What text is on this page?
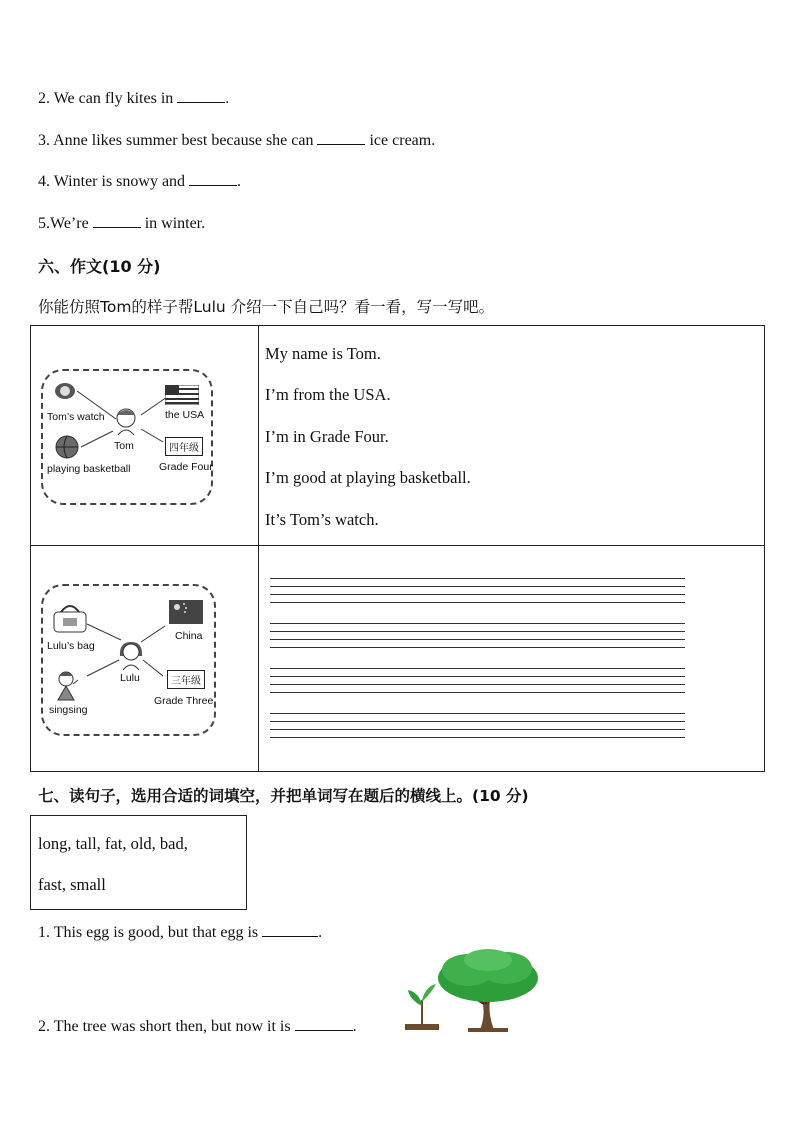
2. We can fly kites in	.
3. Anne likes summer best because she can	ice cream.
4. Winter is snowy and	.
5.We’re	in winter.
六、作文(10 分)
你能仿照Tom的样子帮Lulu 介绍一下自己吗？看一看，写一写吧。
Tom’s watch	the USA
Tom
playing basketball
四年级
Grade Four
My name is Tom.
I’m from the USA.
I’m in Grade Four.
I’m good at playing basketball.
It’s Tom’s watch.
Lulu’s bag
China
Lulu
singsing
三年级
Grade Three
七、读句子，选用合适的词填空，并把单词写在题后的横线上。(10 分)
long, tall, fat, old, bad,
fast, small
1. This egg is good, but that egg is	.
2. The tree was short then, but now it is	.
